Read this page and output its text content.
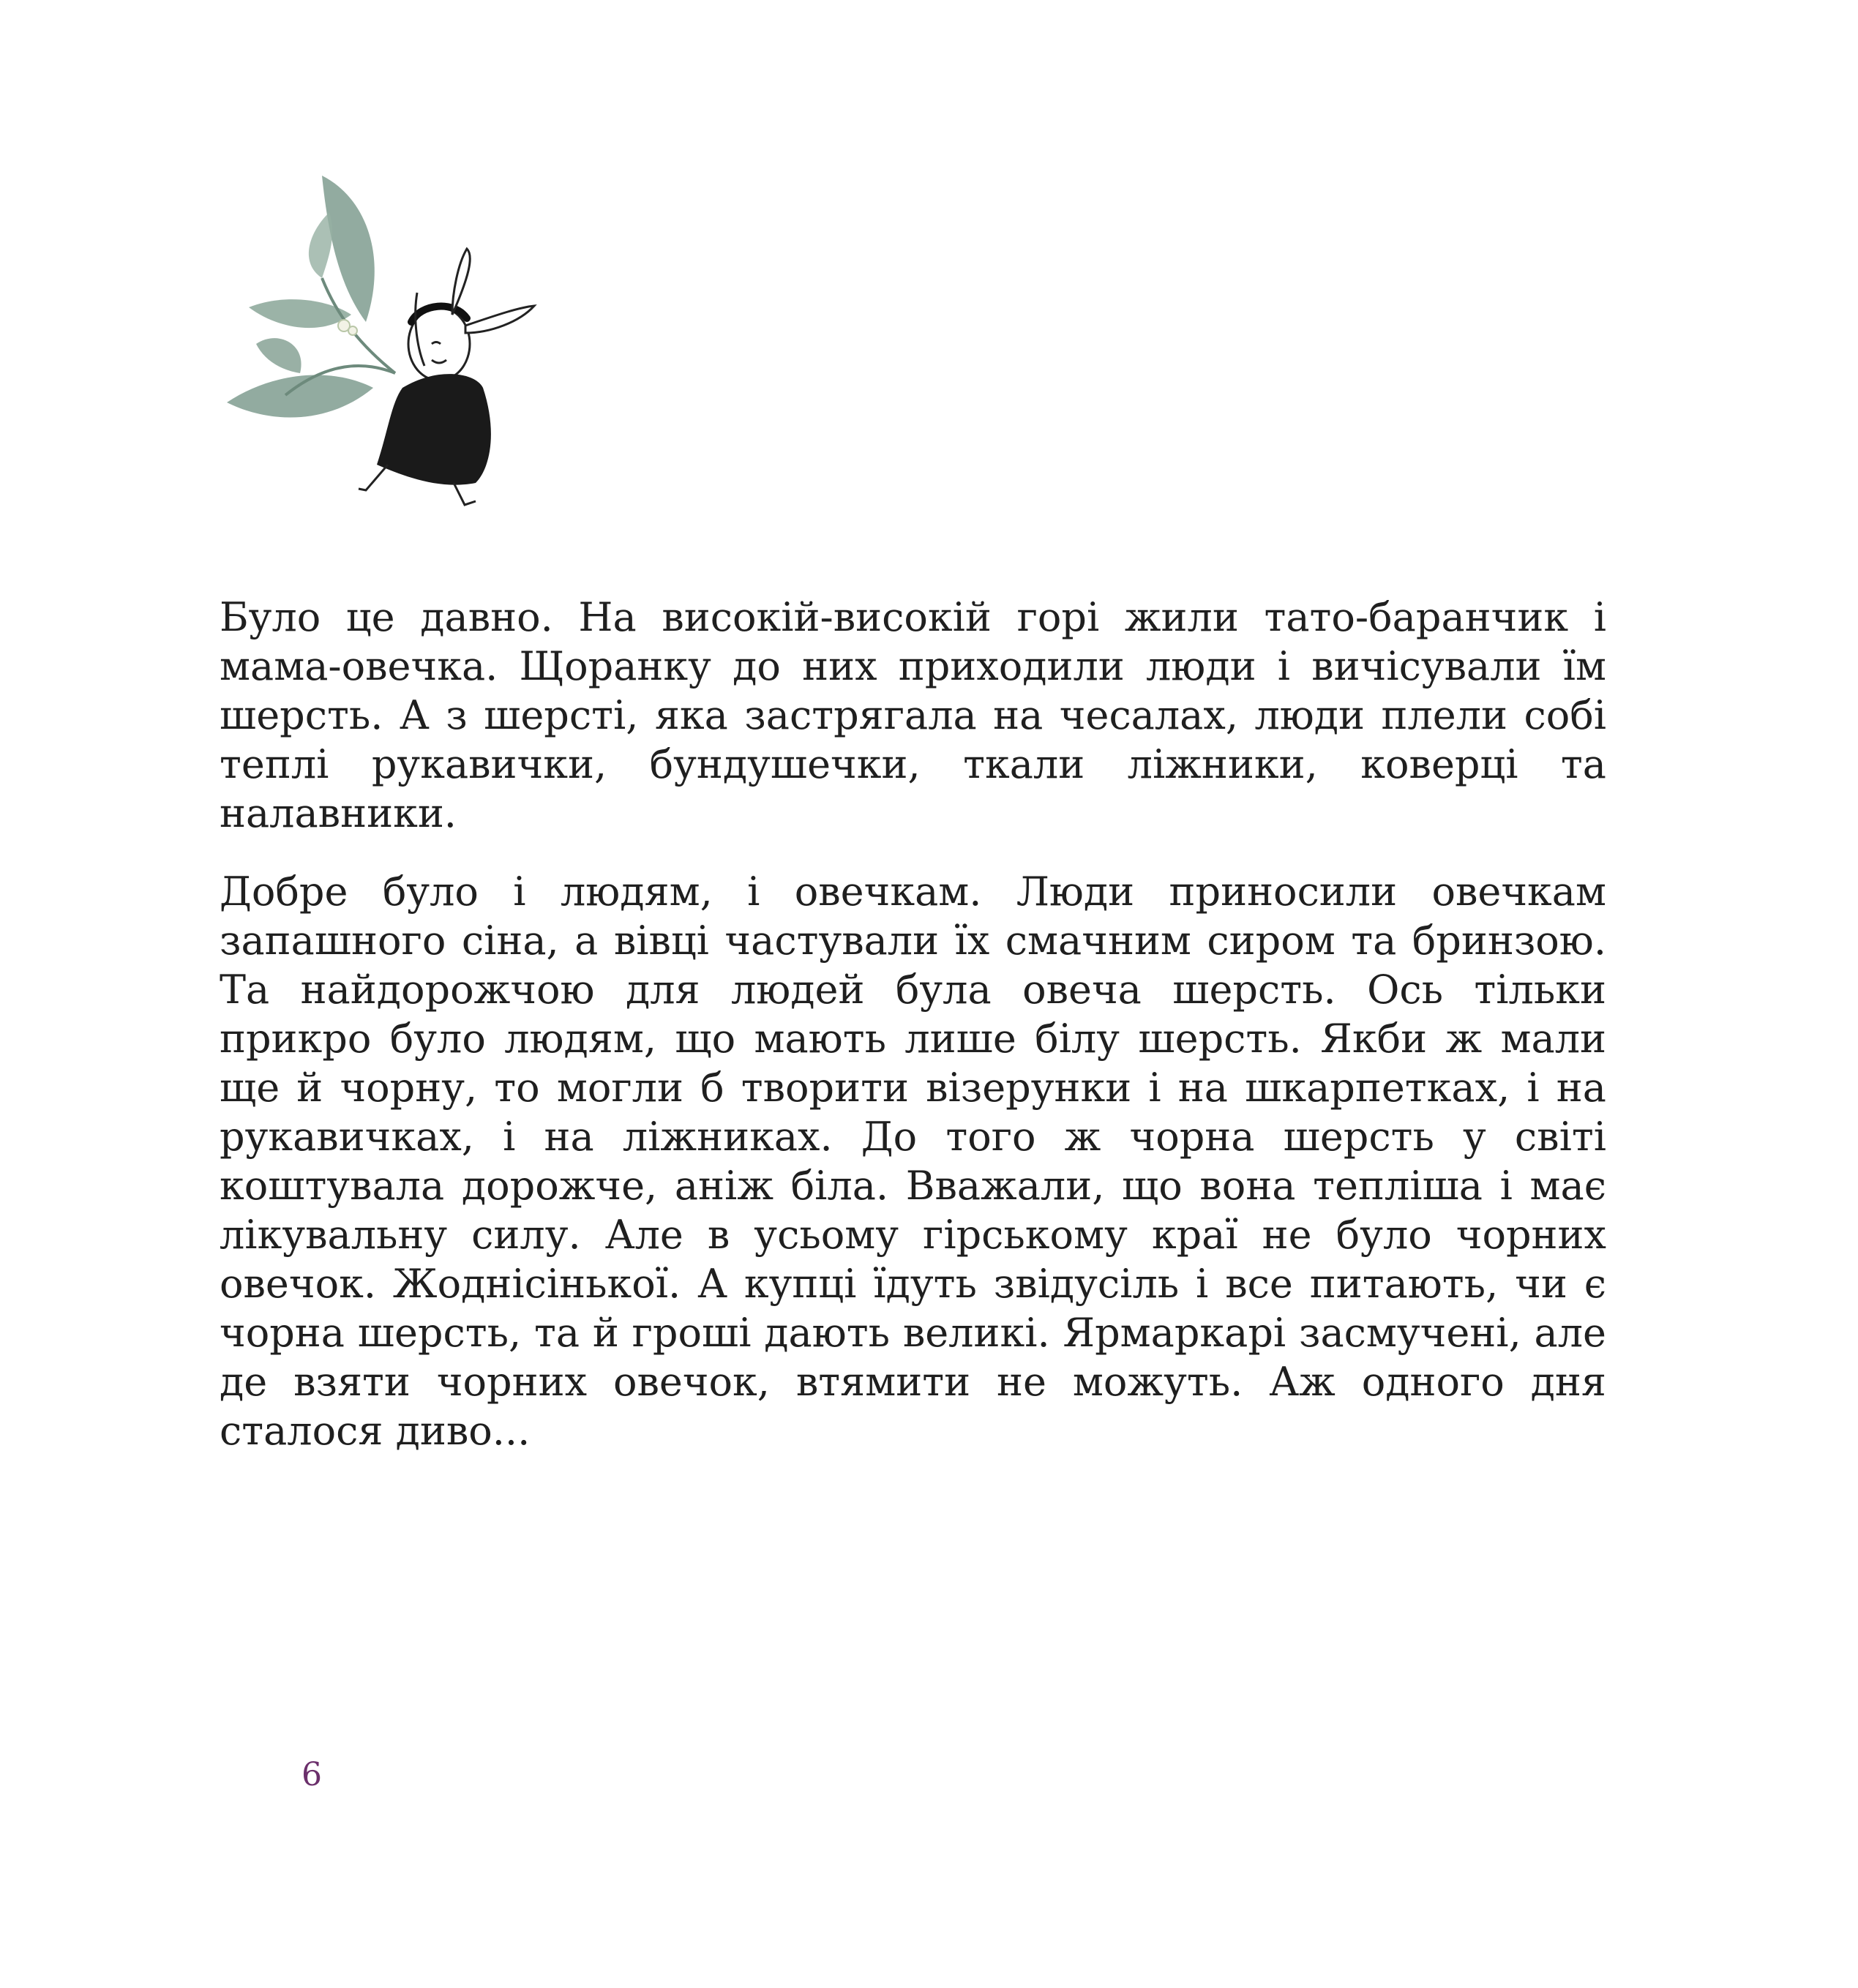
Було це давно. На високій-високій горі жили тато-баранчик і мама-овечка. Щоранку до них приходили люди і вичісували їм шерсть. А з шерсті, яка застрягала на чесалах, люди плели собі теплі рукавички, бундушечки, ткали ліжники, коверці та налавники.

Добре було і людям, і овечкам. Люди приносили овечкам запашного сіна, а вівці частували їх смачним сиром та бринзою. Та найдорожчою для людей була овеча шерсть. Ось тільки прикро було людям, що мають лише білу шерсть. Якби ж мали ще й чорну, то могли б творити візерунки і на шкарпетках, і на рукавичках, і на ліжниках. До того ж чорна шерсть у світі коштувала дорожче, аніж біла. Вважали, що вона тепліша і має лікувальну силу. Але в усьому гірському краї не було чорних овечок. Жоднісінької. А купці їдуть звідусіль і все питають, чи є чорна шерсть, та й гроші дають великі. Ярмаркарі засмучені, але де взяти чорних овечок, втямити не можуть. Аж одного дня сталося диво...

6
